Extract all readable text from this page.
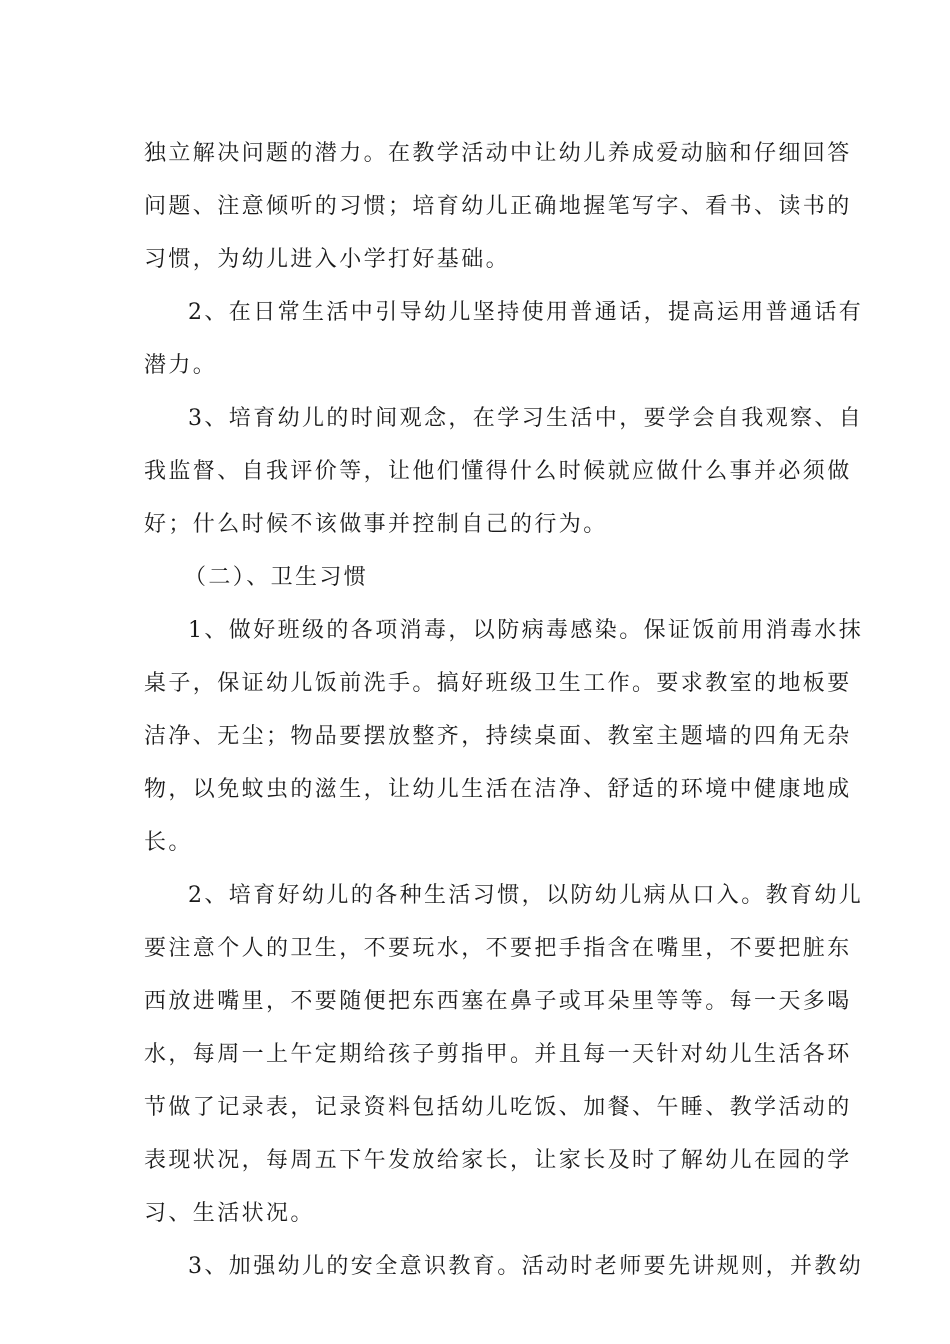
独立解决问题的潜力。在教学活动中让幼儿养成爱动脑和仔细回答
问题、注意倾听的习惯；培育幼儿正确地握笔写字、看书、读书的
习惯，为幼儿进入小学打好基础。
2、在日常生活中引导幼儿坚持使用普通话，提高运用普通话有
潜力。
3、培育幼儿的时间观念，在学习生活中，要学会自我观察、自
我监督、自我评价等，让他们懂得什么时候就应做什么事并必须做
好；什么时候不该做事并控制自己的行为。
（二）、卫生习惯
1、做好班级的各项消毒，以防病毒感染。保证饭前用消毒水抹
桌子，保证幼儿饭前洗手。搞好班级卫生工作。要求教室的地板要
洁净、无尘；物品要摆放整齐，持续桌面、教室主题墙的四角无杂
物，以免蚊虫的滋生，让幼儿生活在洁净、舒适的环境中健康地成
长。
2、培育好幼儿的各种生活习惯，以防幼儿病从口入。教育幼儿
要注意个人的卫生，不要玩水，不要把手指含在嘴里，不要把脏东
西放进嘴里，不要随便把东西塞在鼻子或耳朵里等等。每一天多喝
水，每周一上午定期给孩子剪指甲。并且每一天针对幼儿生活各环
节做了记录表，记录资料包括幼儿吃饭、加餐、午睡、教学活动的
表现状况，每周五下午发放给家长，让家长及时了解幼儿在园的学
习、生活状况。
3、加强幼儿的安全意识教育。活动时老师要先讲规则，并教幼
